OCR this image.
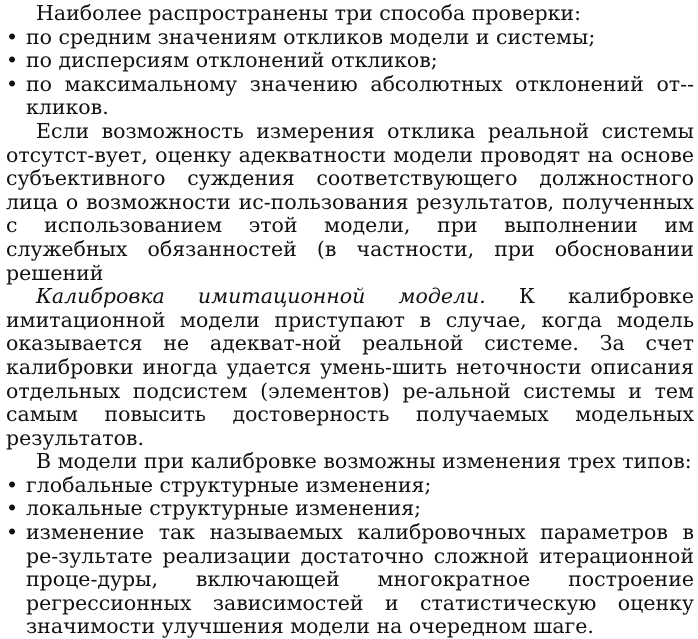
Наиболее распространены три способа проверки:

• по средним значениям откликов модели и системы;
• по дисперсиям отклонений откликов;
• по максимальному значению абсолютных отклонений от-кликов.

Если возможность измерения отклика реальной системы отсутст-вует, оценку адекватности модели проводят на основе субъективного суждения соответствующего должностного лица о возможности ис-пользования результатов, полученных с использованием этой модели, при выполнении им служебных обязанностей (в частности, при обосновании решений

Калибровка имитационной модели. К калибровке имитационной модели приступают в случае, когда модель оказывается не адекват-ной реальной системе. За счет калибровки иногда удается умень-шить неточности описания отдельных подсистем (элементов) ре-альной системы и тем самым повысить достоверность получаемых модельных результатов.

В модели при калибровке возможны изменения трех типов:

• глобальные структурные изменения;
• локальные структурные изменения;
• изменение так называемых калибровочных параметров в ре-зультате реализации достаточно сложной итерационной проце-дуры, включающей многократное построение регрессионных зависимостей и статистическую оценку значимости улучшения модели на очередном шаге.
